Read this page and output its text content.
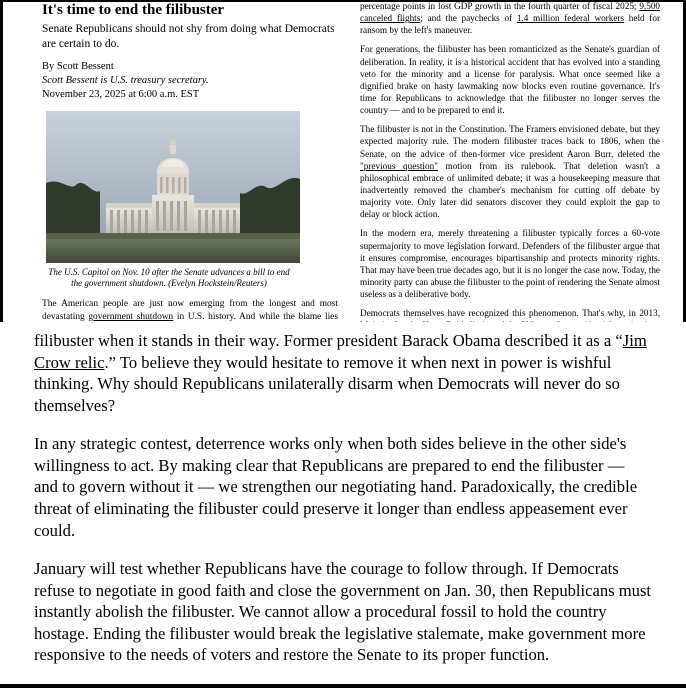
It's time to end the filibuster

Senate Republicans should not shy from doing what Democrats are certain to do.

By Scott Bessent
Scott Bessent is U.S. treasury secretary.
November 23, 2025 at 6:00 a.m. EST

The U.S. Capitol on Nov. 10 after the Senate advances a bill to end the government shutdown. (Evelyn Hockstein/Reuters)

The American people are just now emerging from the longest and most devastating government shutdown in U.S. history. And while the blame lies

percentage points in lost GDP growth in the fourth quarter of fiscal 2025; 9,500 canceled flights; and the paychecks of 1.4 million federal workers held for ransom by the left's maneuver.

For generations, the filibuster has been romanticized as the Senate's guardian of deliberation. In reality, it is a historical accident that has evolved into a standing veto for the minority and a license for paralysis. What once seemed like a dignified brake on hasty lawmaking now blocks even routine governance. It's time for Republicans to acknowledge that the filibuster no longer serves the country — and to be prepared to end it.

The filibuster is not in the Constitution. The Framers envisioned debate, but they expected majority rule. The modern filibuster traces back to 1806, when the Senate, on the advice of then-former vice president Aaron Burr, deleted the "previous question" motion from its rulebook. That deletion wasn't a philosophical embrace of unlimited debate; it was a housekeeping measure that inadvertently removed the chamber's mechanism for cutting off debate by majority vote. Only later did senators discover they could exploit the gap to delay or block action.

In the modern era, merely threatening a filibuster typically forces a 60-vote supermajority to move legislation forward. Defenders of the filibuster argue that it ensures compromise, encourages bipartisanship and protects minority rights. That may have been true decades ago, but it is no longer the case now. Today, the minority party can abuse the filibuster to the point of rendering the Senate almost useless as a deliberative body.

Democrats themselves have recognized this phenomenon. That's why, in 2013,

filibuster when it stands in their way. Former president Barack Obama described it as a “Jim Crow relic.” To believe they would hesitate to remove it when next in power is wishful thinking. Why should Republicans unilaterally disarm when Democrats will never do so themselves?

In any strategic contest, deterrence works only when both sides believe in the other side's willingness to act. By making clear that Republicans are prepared to end the filibuster — and to govern without it — we strengthen our negotiating hand. Paradoxically, the credible threat of eliminating the filibuster could preserve it longer than endless appeasement ever could.

January will test whether Republicans have the courage to follow through. If Democrats refuse to negotiate in good faith and close the government on Jan. 30, then Republicans must instantly abolish the filibuster. We cannot allow a procedural fossil to hold the country hostage. Ending the filibuster would break the legislative stalemate, make government more responsive to the needs of voters and restore the Senate to its proper function.
